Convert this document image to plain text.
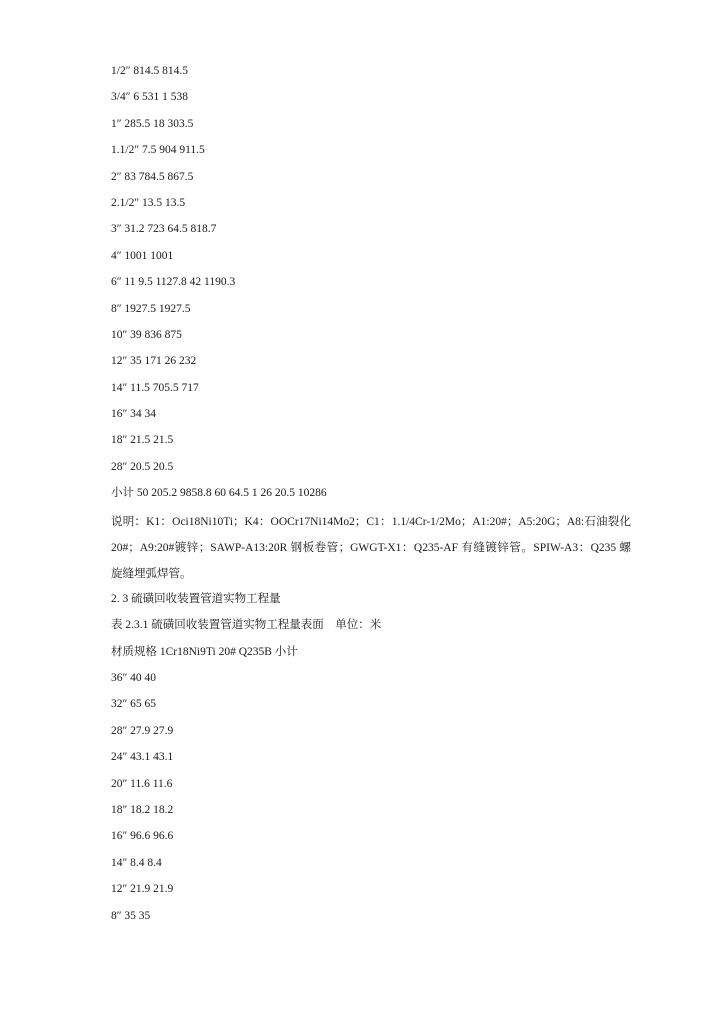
1/2″ 814.5 814.5
3/4″ 6 531 1 538
1″ 285.5 18 303.5
1.1/2″ 7.5 904 911.5
2″ 83 784.5 867.5
2.1/2″ 13.5 13.5
3″ 31.2 723 64.5 818.7
4″ 1001 1001
6″ 11 9.5 1127.8 42 1190.3
8″ 1927.5 1927.5
10″ 39 836 875
12″ 35 171 26 232
14″ 11.5 705.5 717
16″ 34 34
18″ 21.5 21.5
28″ 20.5 20.5
小计 50 205.2 9858.8 60 64.5 1 26 20.5 10286
说明：K1：Oci18Ni10Ti；K4：OOCr17Ni14Mo2；C1：1.1/4Cr-1/2Mo；A1:20#；A5:20G；A8:石油裂化 20#；A9:20#镀锌；SAWP-A13:20R 钢板卷管；GWGT-X1：Q235-AF 有缝镀锌管。SPIW-A3：Q235 螺旋缝埋弧焊管。
2. 3 硫磺回收装置管道实物工程量
表 2.3.1 硫磺回收装置管道实物工程量表面　单位：米
材质规格 1Cr18Ni9Ti 20# Q235B 小计
36″ 40 40
32″ 65 65
28″ 27.9 27.9
24″ 43.1 43.1
20″ 11.6 11.6
18″ 18.2 18.2
16″ 96.6 96.6
14″ 8.4 8.4
12″ 21.9 21.9
8″ 35 35
